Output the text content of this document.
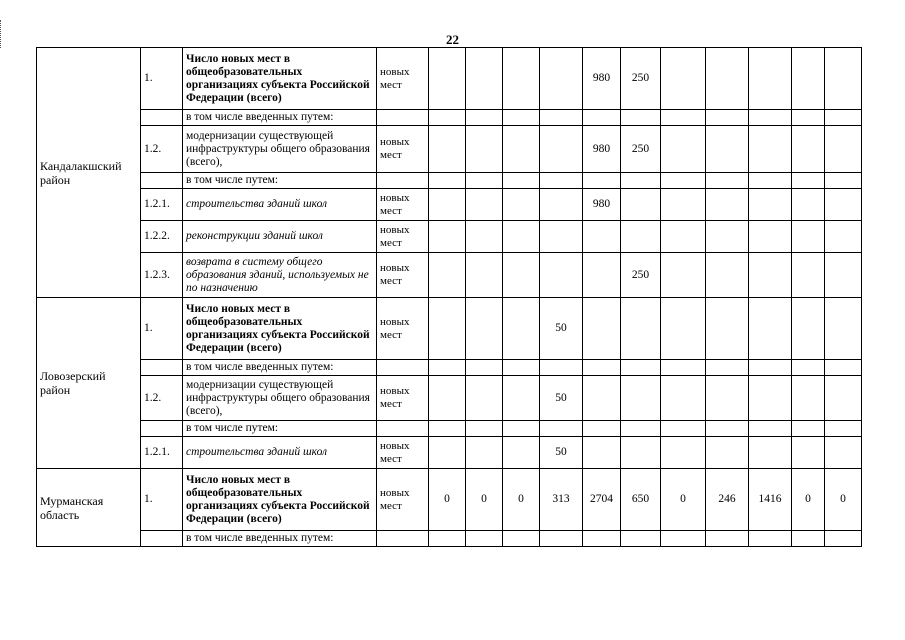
22
Кандалакшский район	1.	Число новых мест в общеобразовательных организациях субъекта Российской Федерации (всего)	новых мест					980	250					
		в том числе введенных путем:												
	1.2.	модернизации существующей инфраструктуры общего образования (всего),	новых мест					980	250					
		в том числе путем:												
	1.2.1.	строительства зданий школ	новых мест					980						
	1.2.2.	реконструкции зданий школ	новых мест											
	1.2.3.	возврата в систему общего образования зданий, используемых не по назначению	новых мест						250					
Ловозерский район	1.	Число новых мест в общеобразовательных организациях субъекта Российской Федерации (всего)	новых мест				50							
		в том числе введенных путем:												
	1.2.	модернизации существующей инфраструктуры общего образования (всего),	новых мест				50							
		в том числе путем:												
	1.2.1.	строительства зданий школ	новых мест				50							
Мурманская область	1.	Число новых мест в общеобразовательных организациях субъекта Российской Федерации (всего)	новых мест	0	0	0	313	2704	650	0	246	1416	0	0
		в том числе введенных путем:												
